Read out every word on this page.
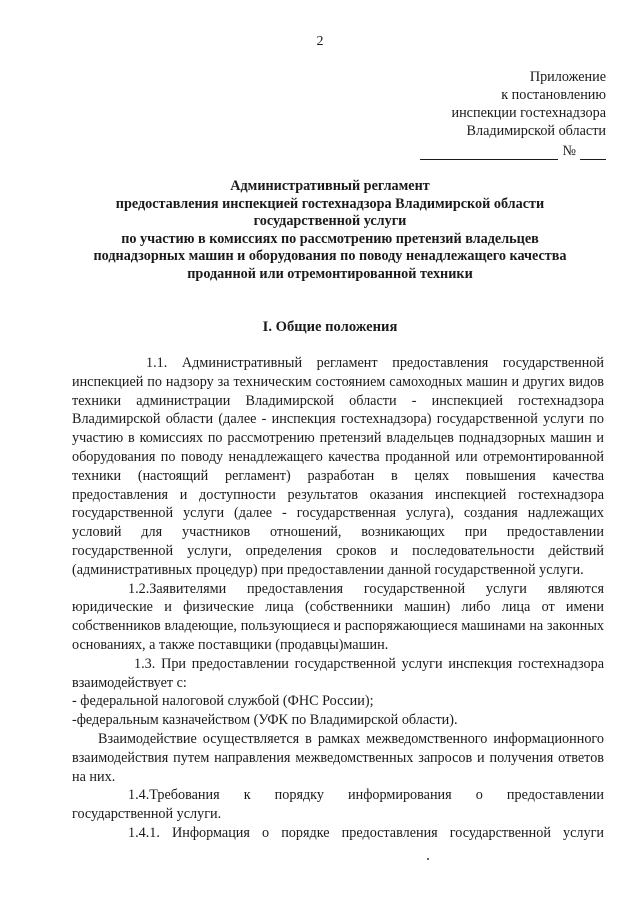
2
Приложение
к постановлению
инспекции гостехнадзора
Владимирской области
№
Административный регламент
предоставления инспекцией гостехнадзора Владимирской области
государственной услуги
по участию в комиссиях по рассмотрению претензий владельцев
поднадзорных машин и оборудования по поводу ненадлежащего качества
проданной или отремонтированной техники
I. Общие положения

1.1. Административный регламент предоставления государственной инспекцией по надзору за техническим состоянием самоходных машин и других видов техники администрации Владимирской области - инспекцией гостехнадзора Владимирской области (далее - инспекция гостехнадзора) государственной услуги по участию в комиссиях по рассмотрению претензий владельцев поднадзорных машин и оборудования по поводу ненадлежащего качества проданной или отремонтированной техники (настоящий регламент) разработан в целях повышения качества предоставления и доступности результатов оказания инспекцией гостехнадзора государственной услуги (далее - государственная услуга), создания надлежащих условий для участников отношений, возникающих при предоставлении государственной услуги, определения сроков и последовательности действий (административных процедур) при предоставлении данной государственной услуги.

1.2.Заявителями предоставления государственной услуги являются юридические и физические лица (собственники машин) либо лица от имени собственников владеющие, пользующиеся и распоряжающиеся машинами на законных основаниях, а также поставщики (продавцы)машин.

1.3. При предоставлении государственной услуги инспекция гостехнадзора взаимодействует с:

- федеральной налоговой службой (ФНС России);

-федеральным казначейством (УФК по Владимирской области).

Взаимодействие осуществляется в рамках межведомственного информационного взаимодействия путем направления межведомственных запросов и получения ответов на них.

1.4.Требования к порядку информирования о предоставлении государственной услуги.

1.4.1. Информация о порядке предоставления государственной услуги
